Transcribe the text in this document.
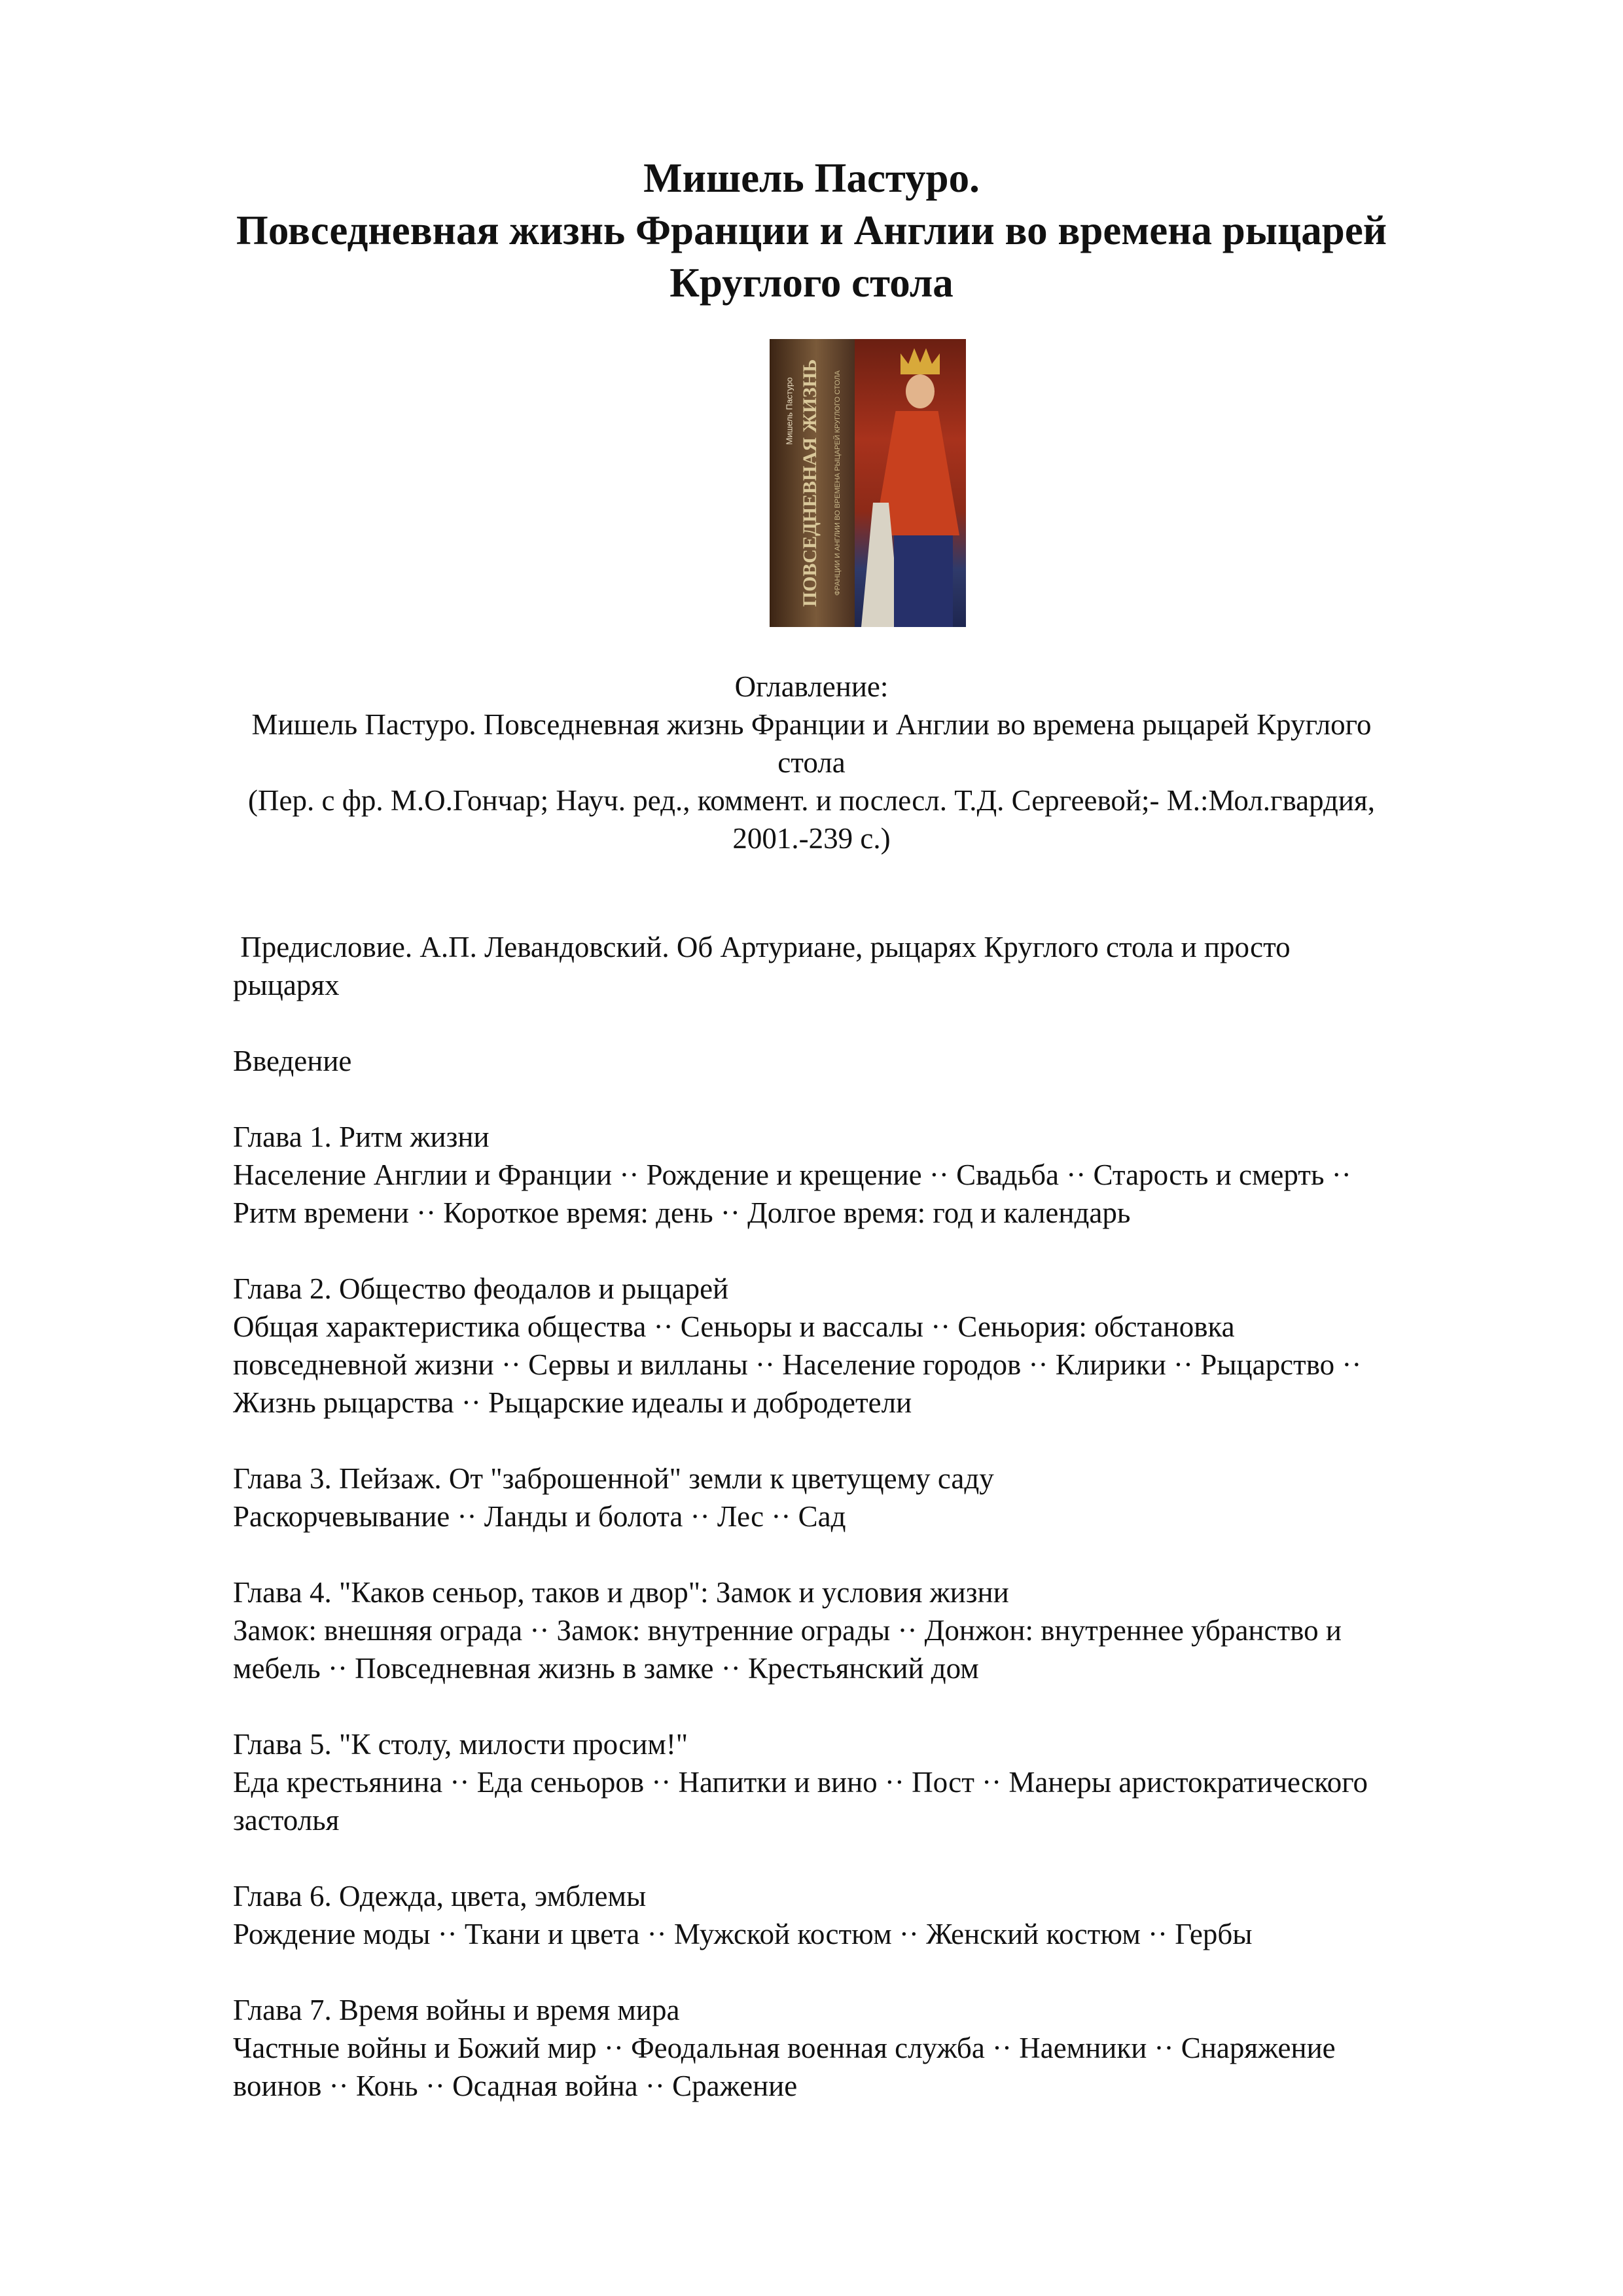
Мишель Пастуро.
Повседневная жизнь Франции и Англии во времена рыцарей
Круглого стола
Мишель Пастуро ПОВСЕДНЕВНАЯ ЖИЗНЬ ФРАНЦИИ И АНГЛИИ ВО ВРЕМЕНА РЫЦАРЕЙ КРУГЛОГО СТОЛА
Оглавление:
Мишель Пастуро. Повседневная жизнь Франции и Англии во времена рыцарей Круглого
стола
(Пер. с фр. М.О.Гончар; Науч. ред., коммент. и послесл. Т.Д. Сергеевой;- М.:Мол.гвардия,
2001.-239 с.)

Предисловие. А.П. Левандовский. Об Артуриане, рыцарях Круглого стола и просто
рыцарях

Введение

Глава 1. Ритм жизни
Население Англии и Франции ·· Рождение и крещение ·· Свадьба ·· Старость и смерть ··
Ритм времени ·· Короткое время: день ·· Долгое время: год и календарь

Глава 2. Общество феодалов и рыцарей
Общая характеристика общества ·· Сеньоры и вассалы ·· Сеньория: обстановка
повседневной жизни ·· Сервы и вилланы ·· Население городов ·· Клирики ·· Рыцарство ··
Жизнь рыцарства ·· Рыцарские идеалы и добродетели

Глава 3. Пейзаж. От "заброшенной" земли к цветущему саду
Раскорчевывание ·· Ланды и болота ·· Лес ·· Сад

Глава 4. "Каков сеньор, таков и двор": Замок и условия жизни
Замок: внешняя ограда ·· Замок: внутренние ограды ·· Донжон: внутреннее убранство и
мебель ·· Повседневная жизнь в замке ·· Крестьянский дом

Глава 5. "К столу, милости просим!"
Еда крестьянина ·· Еда сеньоров ·· Напитки и вино ·· Пост ·· Манеры аристократического
застолья

Глава 6. Одежда, цвета, эмблемы
Рождение моды ·· Ткани и цвета ·· Мужской костюм ·· Женский костюм ·· Гербы

Глава 7. Время войны и время мира
Частные войны и Божий мир ·· Феодальная военная служба ·· Наемники ·· Снаряжение
воинов ·· Конь ·· Осадная война ·· Сражение
